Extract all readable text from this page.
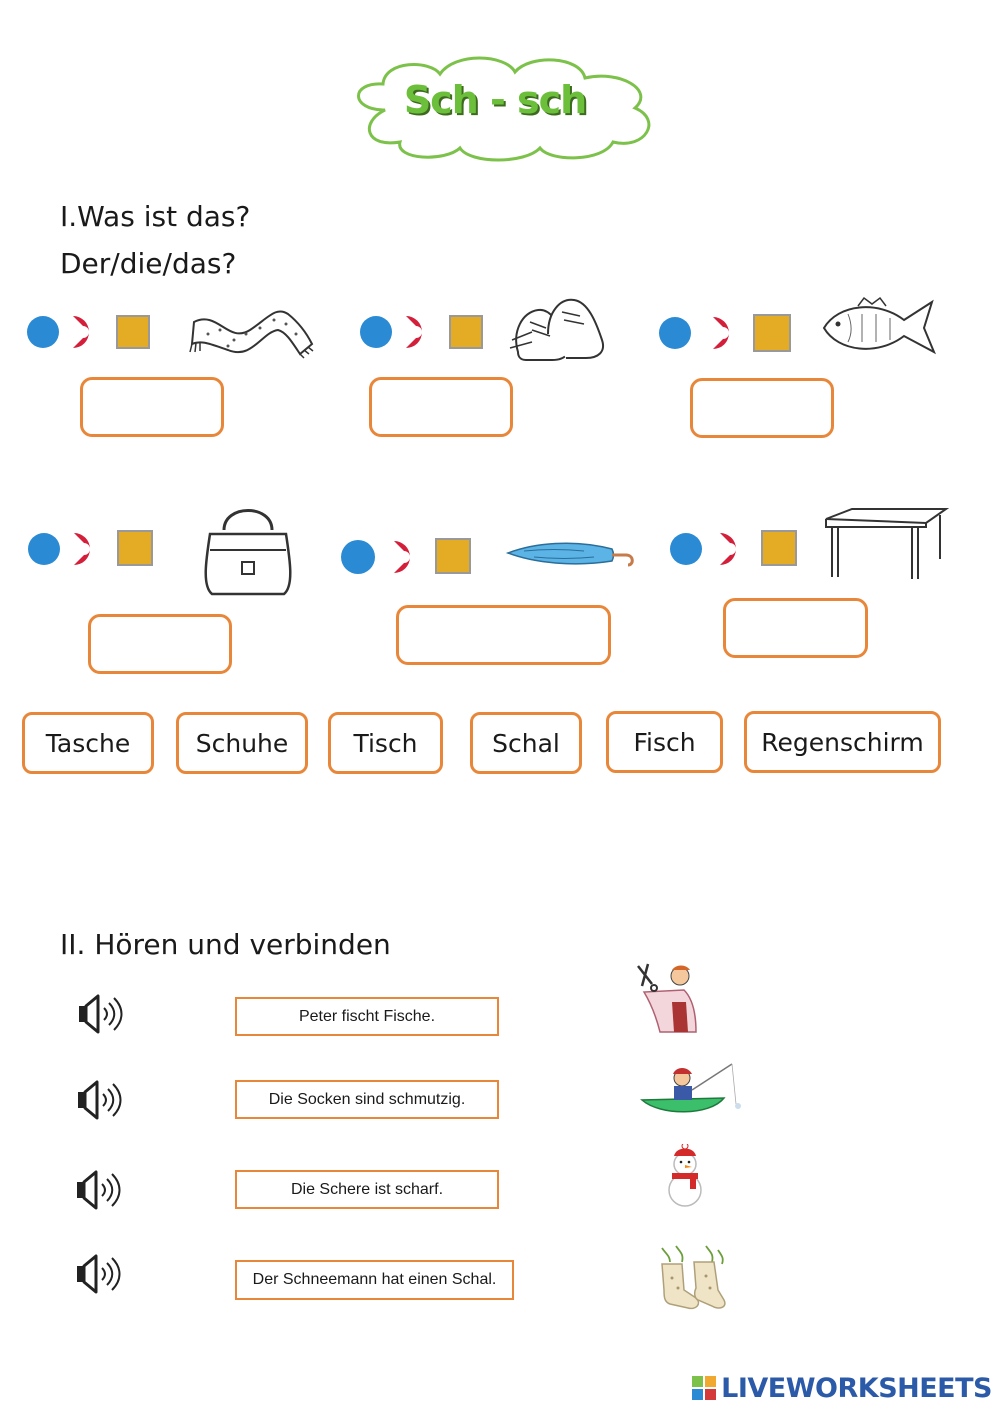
Sch - sch
I.Was ist das?
Der/die/das?
Tasche	Schuhe	Tisch	Schal	Fisch	Regenschirm
II. Hören und verbinden
Peter fischt Fische.
Die Socken sind schmutzig.
Die Schere ist scharf.
Der Schneemann hat einen Schal.
LIVEWORKSHEETS
